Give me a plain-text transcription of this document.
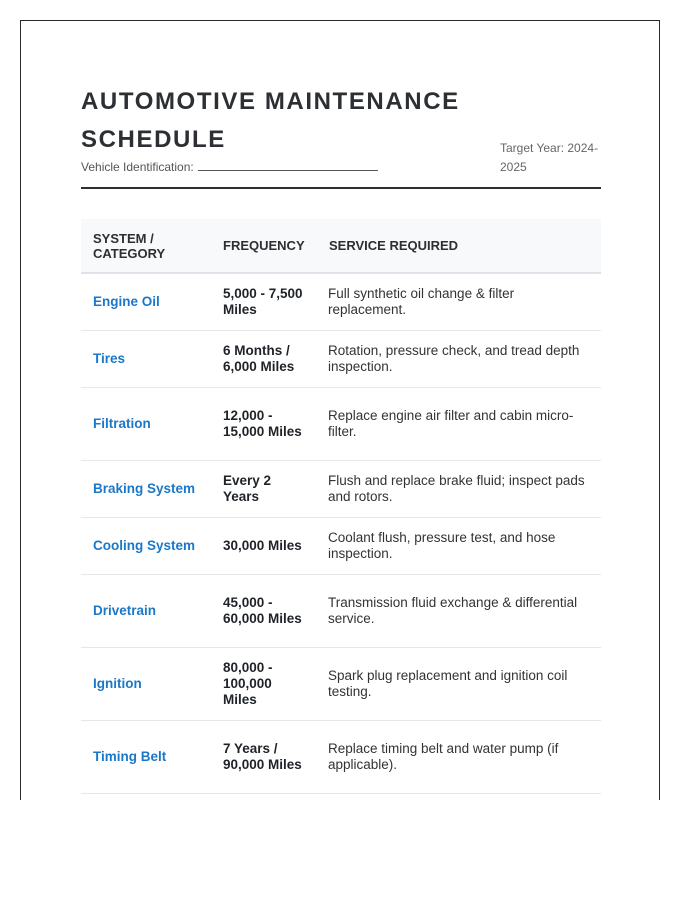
AUTOMOTIVE MAINTENANCE SCHEDULE
Vehicle Identification:
Target Year: 2024-2025
SYSTEM / CATEGORY	FREQUENCY	SERVICE REQUIRED
Engine Oil	5,000 - 7,500 Miles	Full synthetic oil change & filter replacement.
Tires	6 Months / 6,000 Miles	Rotation, pressure check, and tread depth inspection.
Filtration	12,000 - 15,000 Miles	Replace engine air filter and cabin micro-filter.
Braking System	Every 2 Years	Flush and replace brake fluid; inspect pads and rotors.
Cooling System	30,000 Miles	Coolant flush, pressure test, and hose inspection.
Drivetrain	45,000 - 60,000 Miles	Transmission fluid exchange & differential service.
Ignition	80,000 - 100,000 Miles	Spark plug replacement and ignition coil testing.
Timing Belt	7 Years / 90,000 Miles	Replace timing belt and water pump (if applicable).
